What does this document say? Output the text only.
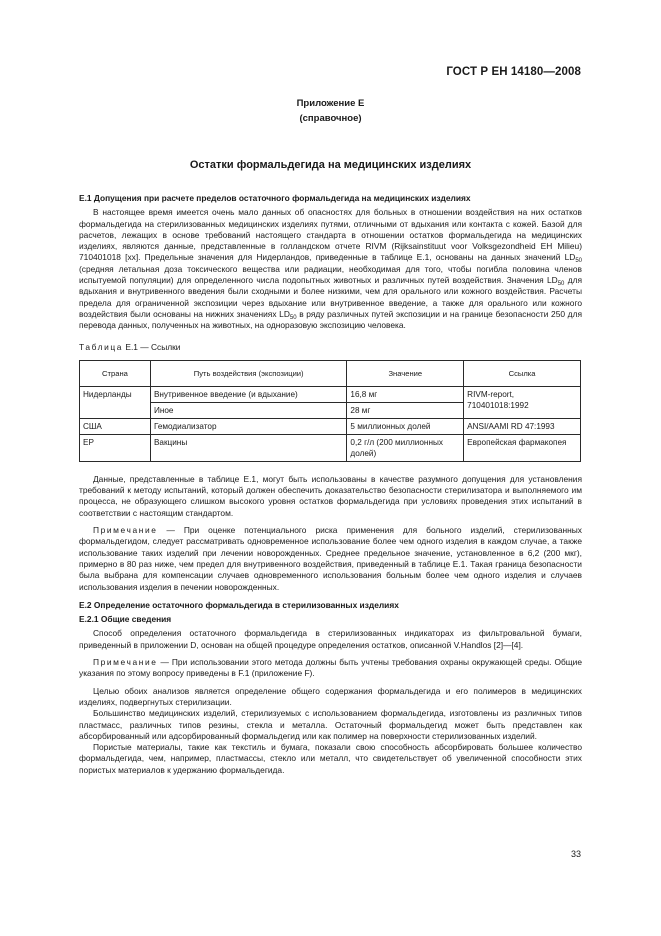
ГОСТ Р ЕН 14180—2008
Приложение Е
(справочное)
Остатки формальдегида на медицинских изделиях
E.1 Допущения при расчете пределов остаточного формальдегида на медицинских изделиях

В настоящее время имеется очень мало данных об опасностях для больных в отношении воздействия на них остатков формальдегида на стерилизованных медицинских изделиях путями, отличными от вдыхания или контакта с кожей. Базой для расчетов, лежащих в основе требований настоящего стандарта в отношении остатков формальдегида на медицинских изделиях, являются данные, представленные в голландском отчете RIVM (Rijksainstituut voor Volksgezondheid EH Milieu) 710401018 [xx]. Предельные значения для Нидерландов, приведенные в таблице Е.1, основаны на данных значений $LD_{50}$ (средняя летальная доза токсического вещества или радиации, необходимая для того, чтобы погибла половина членов испытуемой популяции) для определенного числа подопытных животных и различных путей воздействия. Значения $LD_{50}$ для вдыхания и внутривенного введения были сходными и более низкими, чем для орального или кожного воздействия. Расчеты предела для ограниченной экспозиции через вдыхание или внутривенное введение, а также для орального или кожного воздействия были основаны на нижних значениях $LD_{50}$ в ряду различных путей экспозиции и на границе безопасности 250 для перевода данных, полученных на животных, на одноразовую экспозицию человека.

Таблица Е.1 — Ссылки
Страна	Путь воздействия (экспозиции)	Значение	Ссылка
Нидерланды	Внутривенное введение (и вдыхание)	16,8 мг	RIVM-report, 710401018:1992
	Иное	28 мг	
США	Гемодиализатор	5 миллионных долей	ANSI/AAMI RD 47:1993
EP	Вакцины	0,2 г/л (200 миллионных долей)	Европейская фармакопея

Данные, представленные в таблице Е.1, могут быть использованы в качестве разумного допущения для установления требований к методу испытаний, который должен обеспечить доказательство безопасности стерилизатора и выполняемого им процесса, не образующего слишком высокого уровня остатков формальдегида при условиях проведения этих испытаний в соответствии с настоящим стандартом.

Примечание — При оценке потенциального риска применения для больного изделий, стерилизованных формальдегидом, следует рассматривать одновременное использование более чем одного изделия в каждом случае, а также использование таких изделий при лечении новорожденных. Среднее предельное значение, установленное в 6,2 (200 мкг), примерно в 80 раз ниже, чем предел для внутривенного воздействия, приведенный в таблице Е.1. Такая граница безопасности была выбрана для компенсации случаев одновременного использования больным более чем одного изделия и случаев использования изделия в печении новорожденных.

E.2 Определение остаточного формальдегида в стерилизованных изделиях
E.2.1 Общие сведения

Способ определения остаточного формальдегида в стерилизованных индикаторах из фильтровальной бумаги, приведенный в приложении D, основан на общей процедуре определения остатков, описанной V.Handlos [2]—[4].

Примечание — При использовании этого метода должны быть учтены требования охраны окружающей среды. Общие указания по этому вопросу приведены в F.1 (приложение F).

Целью обоих анализов является определение общего содержания формальдегида и его полимеров в медицинских изделиях, подвергнутых стерилизации.

Большинство медицинских изделий, стерилизуемых с использованием формальдегида, изготовлены из различных типов пластмасс, различных типов резины, стекла и металла. Остаточный формальдегид может быть представлен как абсорбированный или адсорбированный формальдегид или как полимер на поверхности стерилизованных изделий.

Пористые материалы, такие как текстиль и бумага, показали свою способность абсорбировать большее количество формальдегида, чем, например, пластмассы, стекло или металл, что свидетельствует об увеличенной способности этих пористых материалов к удержанию формальдегида.

33
